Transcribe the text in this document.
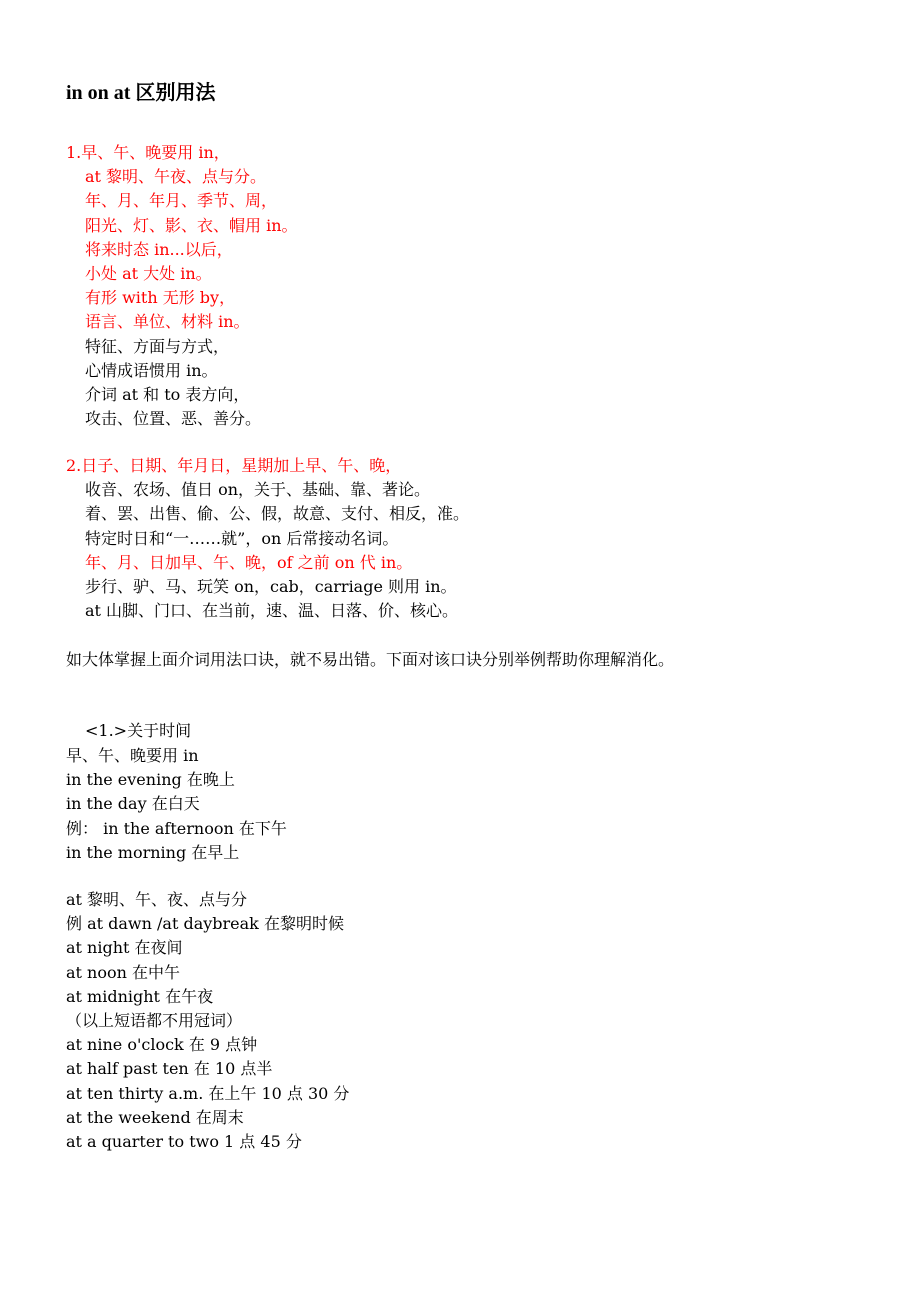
in on at 区别用法
1.早、午、晚要用 in，
at 黎明、午夜、点与分。
年、月、年月、季节、周，
阳光、灯、影、衣、帽用 in。
将来时态 in...以后，
小处 at 大处 in。
有形 with 无形 by，
语言、单位、材料 in。
特征、方面与方式，
心情成语惯用 in。
介词 at 和 to 表方向，
攻击、位置、恶、善分。
2.日子、日期、年月日，星期加上早、午、晚，
收音、农场、值日 on，关于、基础、靠、著论。
着、罢、出售、偷、公、假，故意、支付、相反，准。
特定时日和“一……就”，on 后常接动名词。
年、月、日加早、午、晚，of 之前 on 代 in。
步行、驴、马、玩笑 on，cab，carriage 则用 in。
at 山脚、门口、在当前，速、温、日落、价、核心。
如大体掌握上面介词用法口诀，就不易出错。下面对该口诀分别举例帮助你理解消化。
<1.>关于时间
早、午、晚要用 in
in the evening 在晚上
in the day 在白天
例： in the afternoon 在下午
in the morning 在早上
at 黎明、午、夜、点与分
例 at dawn /at daybreak 在黎明时候
at night 在夜间
at noon 在中午
at midnight 在午夜
（以上短语都不用冠词）
at nine o'clock 在 9 点钟
at half past ten 在 10 点半
at ten thirty a.m. 在上午 10 点 30 分
at the weekend 在周末
at a quarter to two 1 点 45 分
